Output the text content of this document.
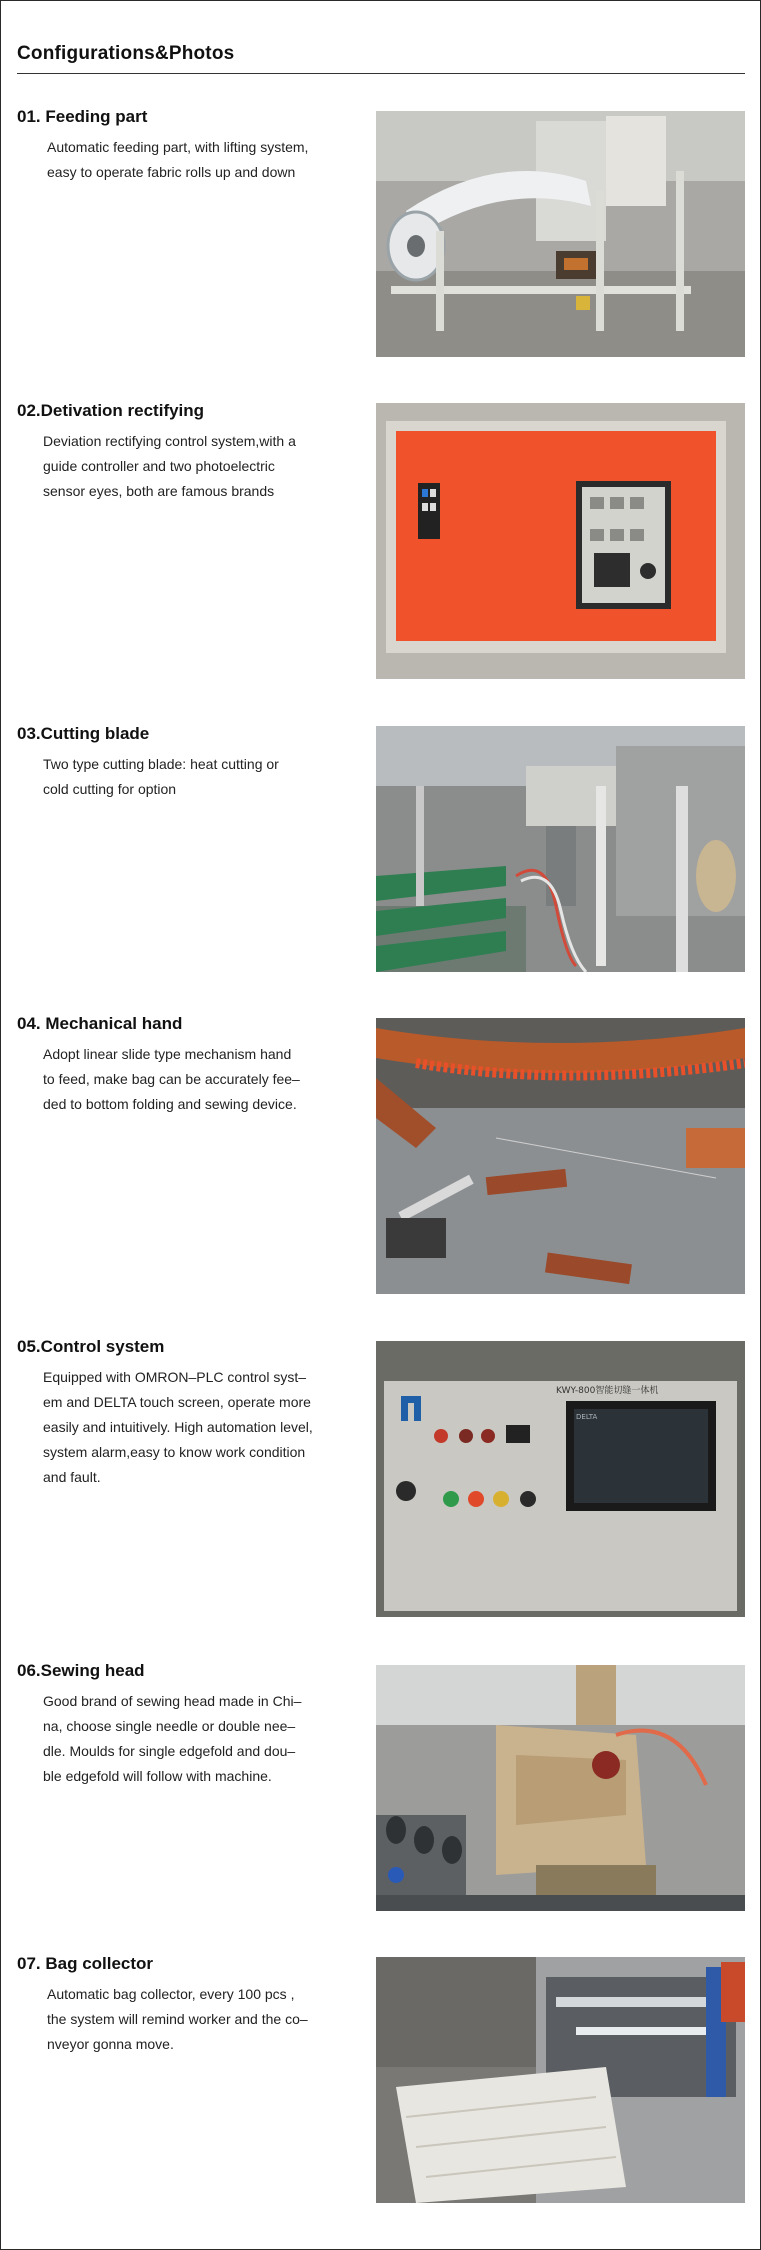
Configurations&Photos
01. Feeding part

Automatic feeding part, with lifting system,
easy to operate fabric rolls up and down

02.Detivation rectifying

Deviation rectifying control system,with a
guide controller and two photoelectric
sensor eyes, both are famous brands

03.Cutting blade

Two type cutting blade: heat cutting or
cold cutting for option

04. Mechanical hand

Adopt linear slide type mechanism hand
to feed, make bag can be accurately fee–
ded to bottom folding and sewing device.

05.Control system

Equipped with OMRON–PLC control syst–
em and DELTA touch screen, operate more
easily and intuitively. High automation level,
system alarm,easy to know work condition
and fault.

KWY-800智能切缝一体机
DELTA
06.Sewing head

Good brand of sewing head made in Chi–
na, choose single needle or double nee–
dle. Moulds for single edgefold and dou–
ble edgefold will follow with machine.

07. Bag collector

Automatic bag collector, every 100 pcs ,
the system will remind worker and the co–
nveyor gonna move.
